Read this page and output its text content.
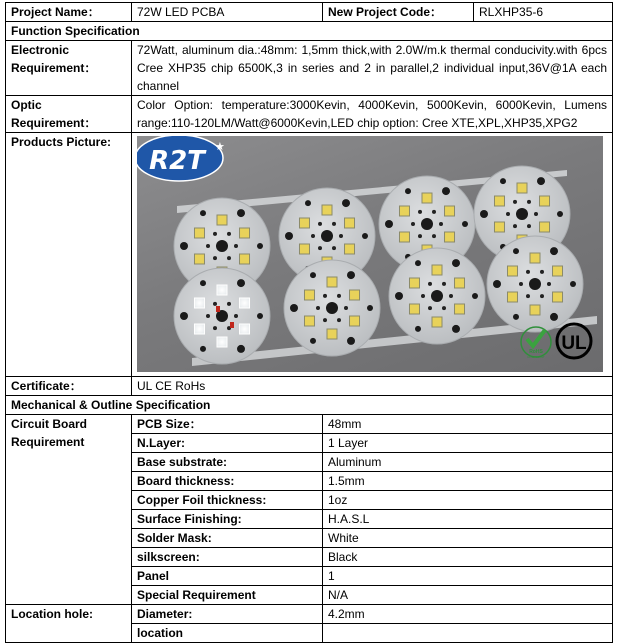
Project Name：	72W LED PCBA	New Project Code：	RLXHP35-6
Function Specification			

Electronic
Requirement：	72Watt, aluminum dia.:48mm: 1,5mm thick,with 2.0W/m.k thermal conducivity.with 6pcs Cree XHP35 chip 6500K,3 in series and 2 in parallel,2 individual input,36V@1A each channel		

Optic
Requirement：	Color Option: temperature:3000Kevin, 4000Kevin, 5000Kevin, 6000Kevin, Lumens range:110-120LM/Watt@6000Kevin,LED chip option: Cree XTE,XPL,XHP35,XPG2		
Products Picture:	R2T ★
RoHS
COMPLIANT
UL		

Certificate：	UL CE RoHs		
Mechanical & Outline Specification			

Circuit Board
Requirement	PCB Size：	48mm	
	N.Layer:	1 Layer	
	Base substrate:	Aluminum	
	Board thickness:	1.5mm	
	Copper Foil thickness:	1oz	
	Surface Finishing:	H.A.S.L	
	Solder Mask:	White	
	silkscreen:	Black	
	Panel	1	
	Special Requirement	N/A	

Location hole:	Diameter:	4.2mm	
	location		
